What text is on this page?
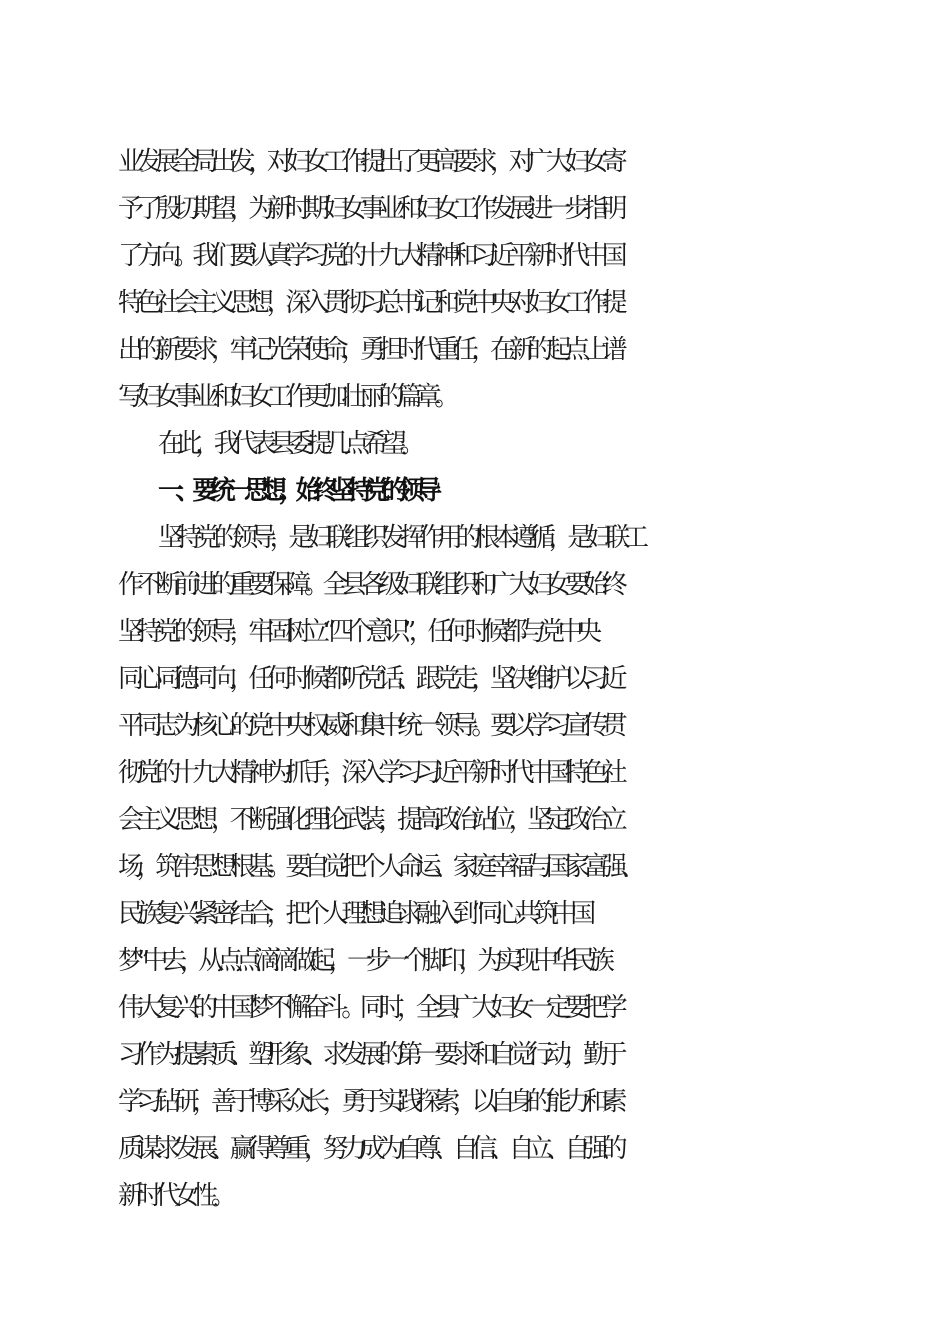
业发展全局出发，对妇女工作提出了更高要求，对广大妇女寄
予了殷切期望，为新时期妇女事业和妇女工作发展进一步指明
了方向。我们要认真学习党的十九大精神和习近平新时代中国
特色社会主义思想，深入贯彻习总书记和党中央对妇女工作提
出的新要求，牢记光荣使命，勇担时代重任，在新的起点上谱
写妇女事业和妇女工作更加壮丽的篇章。
在此，我代表县委提几点希望。
一、要统一思想，始终坚持党的领导
坚持党的领导，是妇联组织发挥作用的根本遵循，是妇联工
作不断前进的重要保障。全县各级妇联组织和广大妇女要始终
坚持党的领导，牢固树立“四个意识”，任何时候都与党中央
同心同德同向，任何时候都听党话、跟党走，坚决维护以习近
平同志为核心的党中央权威和集中统一领导。要以学习宣传贯
彻党的十九大精神为抓手，深入学习习近平新时代中国特色社
会主义思想，不断强化理论武装，提高政治站位，坚定政治立
场，筑牢思想根基。要自觉把个人命运、家庭幸福与国家富强、
民族复兴紧密结合，把个人理想追求融入到“同心共筑中国
梦”中去，从点点滴滴做起，一步一个脚印，为实现中华民族
伟大复兴的中国梦不懈奋斗。同时，全县广大妇女一定要把学
习作为提素质、塑形象、求发展的第一要求和自觉行动，勤于
学习钻研，善于博采众长，勇于实践探索，以自身的能力和素
质谋求发展、赢得尊重，努力成为自尊、自信、自立、自强的
新时代女性。
